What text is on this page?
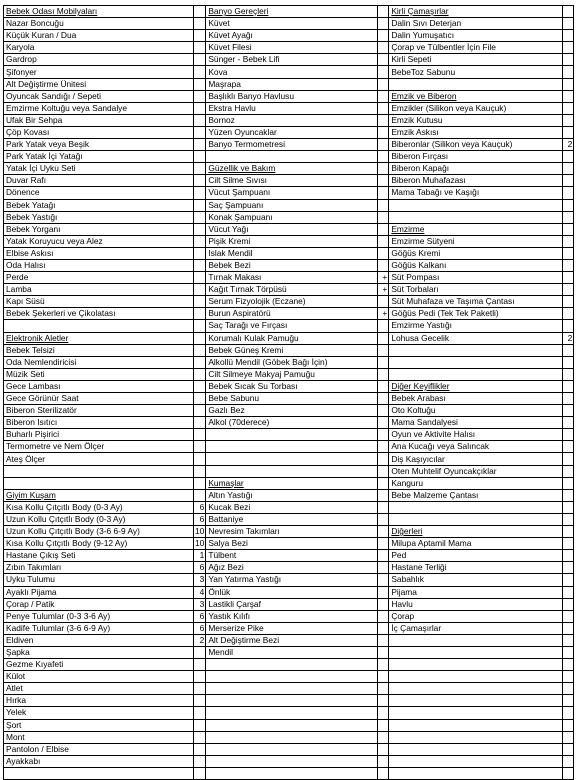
Bebek Odası Mobilyaları		Banyo Gereçleri		Kirli Çamaşırlar	
Nazar Boncuğu		Küvet		Dalin Sıvı Deterjan	
Küçük Kuran / Dua		Küvet Ayağı		Dalin Yumuşatıcı	
Karyola		Küvet Filesi		Çorap ve Tülbentler İçin File	
Gardrop		Sünger - Bebek Lifi		Kirli Sepeti	
Şifonyer		Kova		BebeToz Sabunu	
Alt Değiştirme Ünitesi		Maşrapa			
Oyuncak Sandığı / Sepeti		Başlıklı Banyo Havlusu		Emzik ve Biberon	
Emzirme Koltuğu veya Sandalye		Ekstra Havlu		Emzikler (Silikon veya Kauçuk)	
Ufak Bir Sehpa		Bornoz		Emzik Kutusu	
Çöp Kovası		Yüzen Oyuncaklar		Emzik Askısı	
Park Yatak veya Beşik		Banyo Termometresi		Biberonlar (Silikon veya Kauçuk)	2
Park Yatak İçi Yatağı				Biberon Fırçası	
Yatak İçi Uyku Seti		Güzellik ve Bakım		Biberon Kapağı	
Duvar Rafı		Cilt Silme Sıvısı		Biberon Muhafazası	
Dönence		Vücut Şampuanı		Mama Tabağı ve Kaşığı	
Bebek Yatağı		Saç Şampuanı			
Bebek Yastığı		Konak Şampuanı			
Bebek Yorganı		Vücut Yağı		Emzirme	
Yatak Koruyucu veya Alez		Pişik Kremi		Emzirme Sütyeni	
Elbise Askısı		Islak Mendil		Göğüs Kremi	
Oda Halısı		Bebek Bezi		Göğüs Kalkanı	
Perde		Tırnak Makası	+	Süt Pompası	
Lamba		Kağıt Tırnak Törpüsü	+	Süt Torbaları	
Kapı Süsü		Serum Fizyolojik (Eczane)		Süt Muhafaza ve Taşıma Çantası	
Bebek Şekerleri ve Çikolatası		Burun Aspiratörü	+	Göğüs Pedi (Tek Tek Paketli)	
		Saç Tarağı ve Fırçası		Emzirme Yastığı	
Elektronik Aletler		Korumalı Kulak Pamuğu		Lohusa Gecelik	2
Bebek Telsizi		Bebek Güneş Kremi			
Oda Nemlendiricisi		Alkollü Mendil (Göbek Bağı İçin)			
Müzik Seti		Cilt Silmeye Makyaj Pamuğu			
Gece Lambası		Bebek Sıcak Su Torbası		Diğer Keyiflikler	
Gece Görünür Saat		Bebe Sabunu		Bebek Arabası	
Biberon Sterilizatör		Gazlı Bez		Oto Koltuğu	
Biberon Isıtıcı		Alkol (70derece)		Mama Sandalyesi	
Buharlı Pişirici				Oyun ve Aktivite Halısı	
Termometre ve Nem Ölçer				Ana Kucağı veya Salıncak	
Ateş Ölçer				Diş Kaşıyıcılar	
				Oten Muhtelif Oyuncakçıklar	
		Kumaşlar		Kanguru	
Giyim Kuşam		Altın Yastığı		Bebe Malzeme Çantası	
Kısa Kollu Çıtçıtlı Body (0-3 Ay)	6	Kucak Bezi			
Uzun Kollu Çıtçıtlı Body (0-3 Ay)	6	Battaniye			
Uzun Kollu Çıtçıtlı Body (3-6 6-9 Ay)	10	Nevresim Takımları		Diğerleri	
Kısa Kollu Çıtçıtlı Body (9-12 Ay)	10	Salya Bezi		Milupa Aptamil Mama	
Hastane Çıkış Seti	1	Tülbent		Ped	
Zıbın Takımları	6	Ağız Bezi		Hastane Terliği	
Uyku Tulumu	3	Yan Yatırma Yastığı		Sabahlık	
Ayaklı Pijama	4	Önlük		Pijama	
Çorap / Patik	3	Lastikli Çarşaf		Havlu	
Penye Tulumlar (0-3 3-6 Ay)	6	Yastık Kılıfı		Çorap	
Kadife Tulumlar (3-6 6-9 Ay)	6	Merserize Pike		İç Çamaşırlar	
Eldiven	2	Alt Değiştirme Bezi			
Şapka		Mendil			
Gezme Kıyafeti					
Külot					
Atlet					
Hırka					
Yelek					
Şort					
Mont					
Pantolon / Elbise					
Ayakkabı					
